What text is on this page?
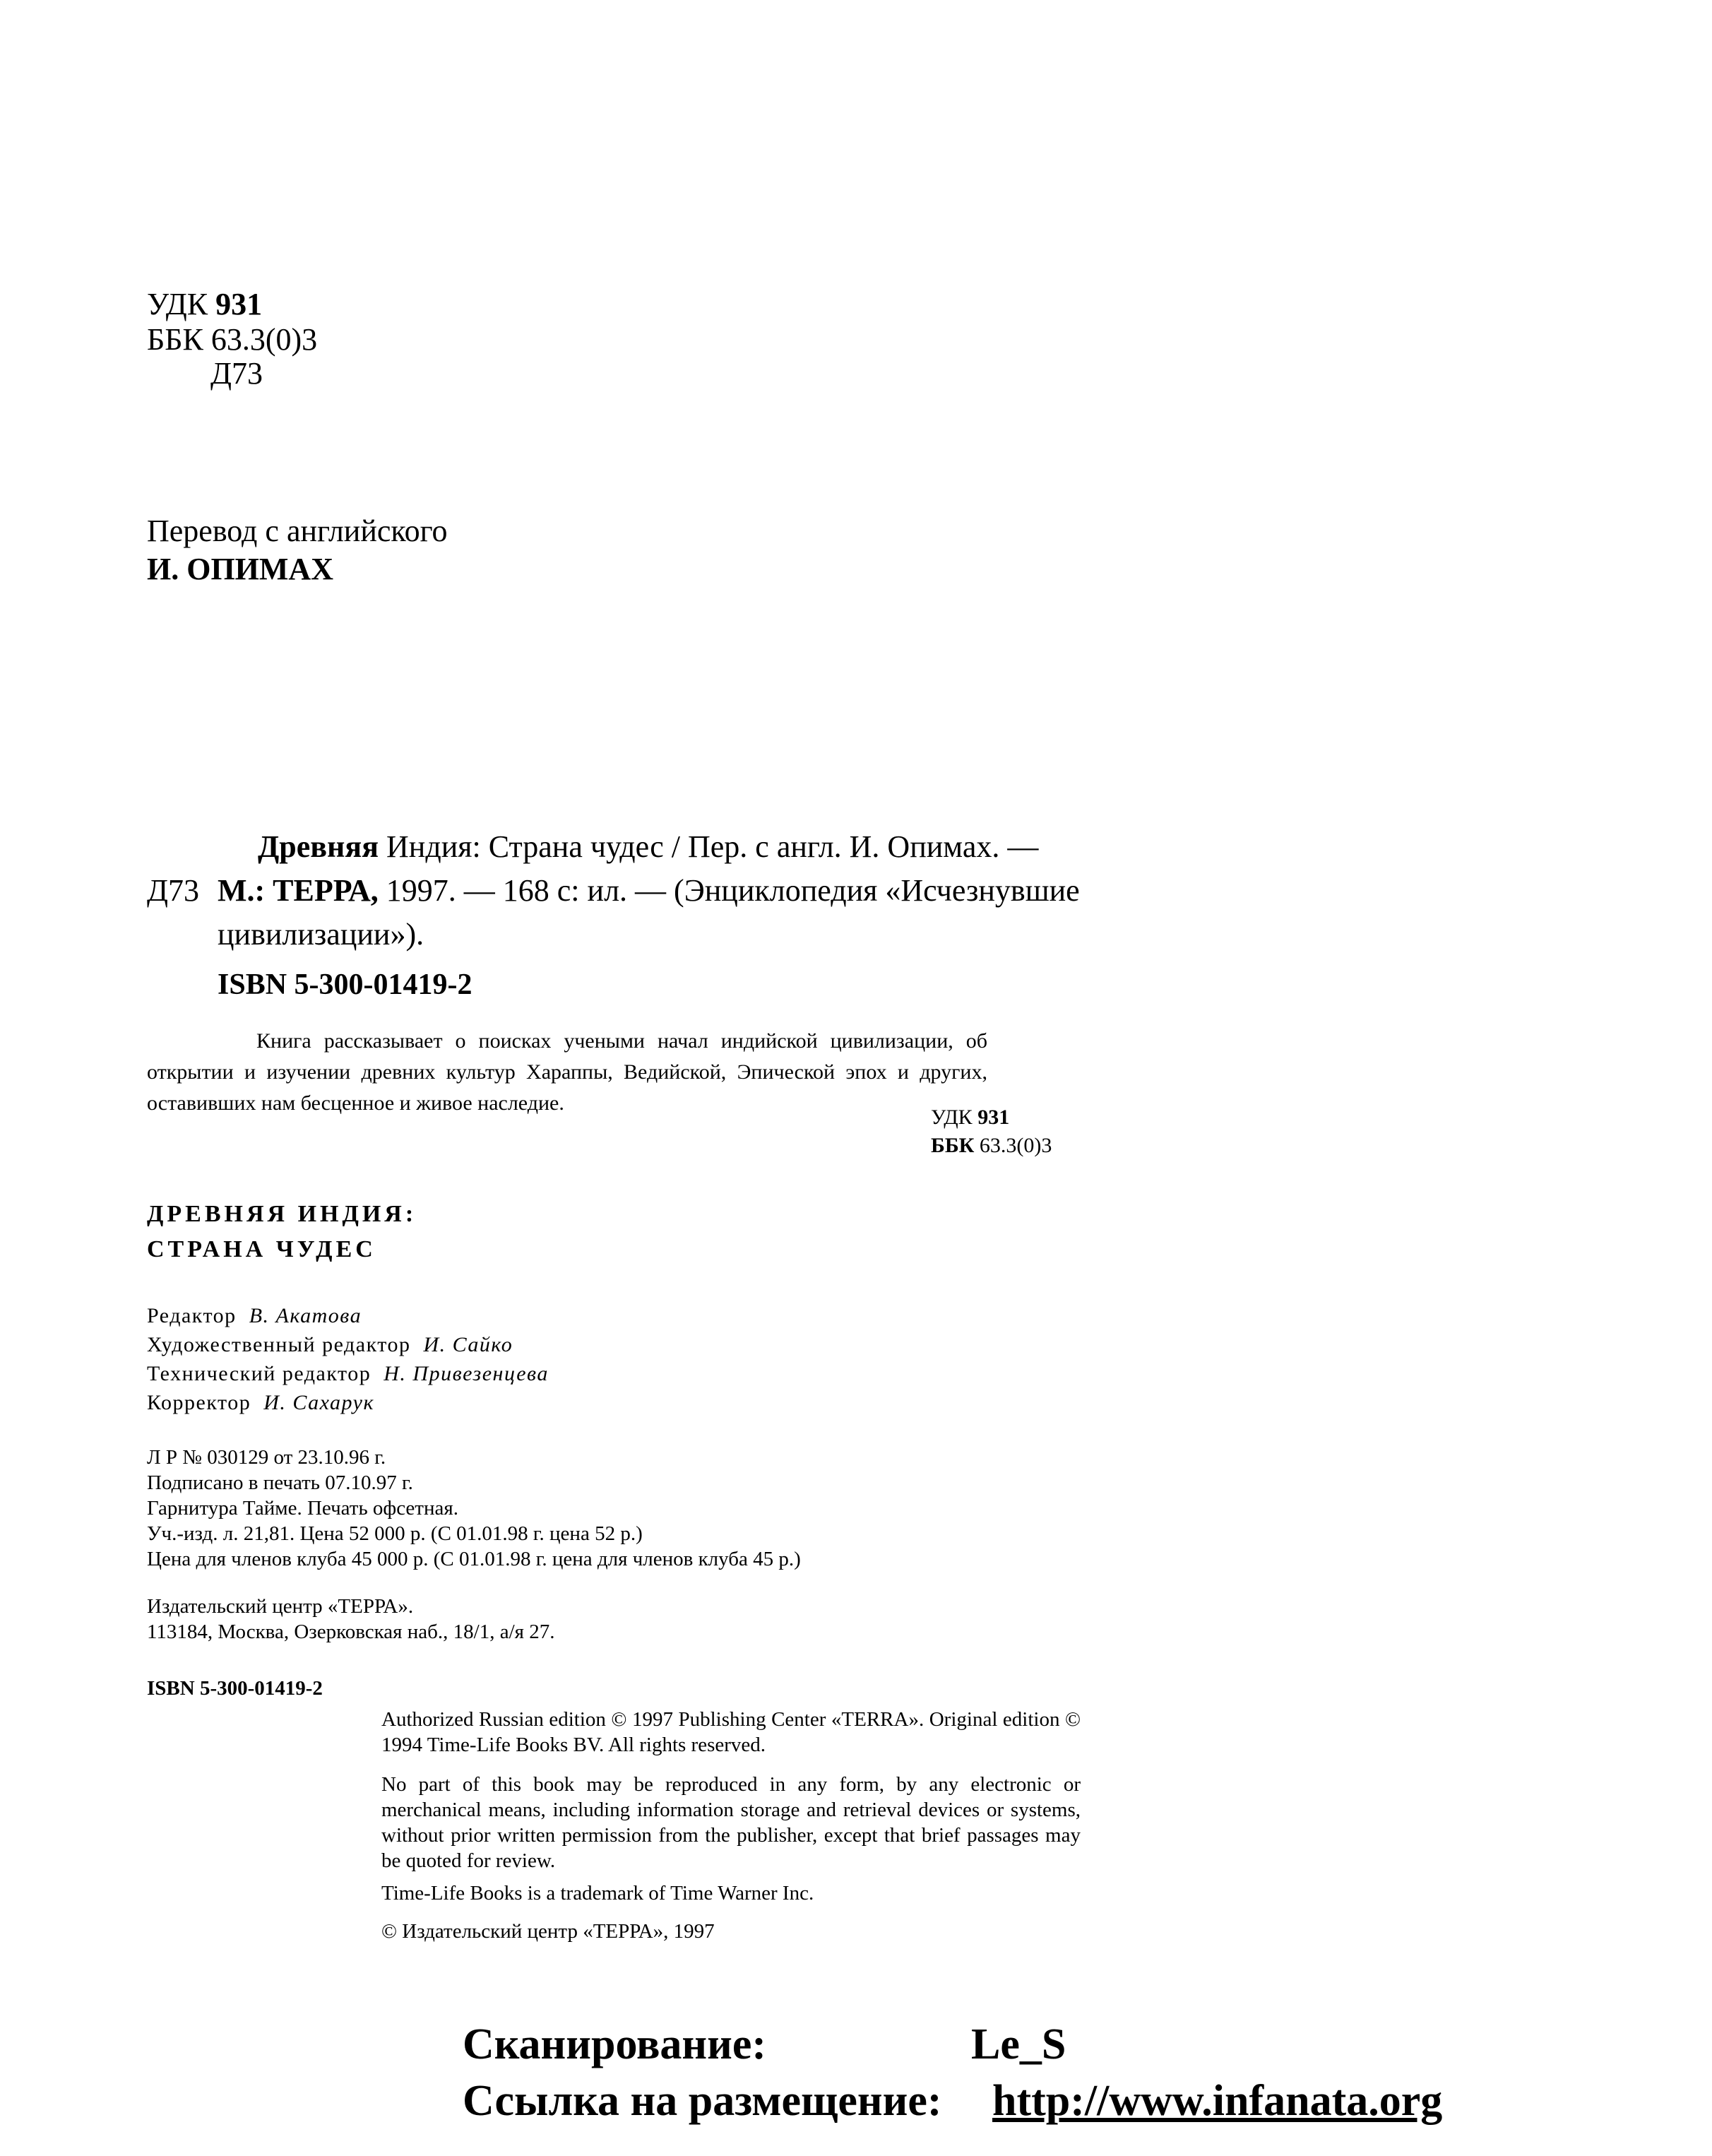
УДК 931
ББК 63.3(0)3
Д73
Перевод с английского
И. ОПИМАХ
Древняя Индия: Страна чудес / Пер. с англ. И. Опимах. —
Д73 М.: ТЕРРА, 1997. — 168 с: ил. — (Энциклопедия «Исчезнувшие
цивилизации»).
ISBN 5-300-01419-2
Книга рассказывает о поисках учеными начал индийской цивилизации, об открытии и изучении древних культур Хараппы, Ведийской, Эпической эпох и других, оставивших нам бесценное и живое наследие.
УДК 931
ББК 63.3(0)3
ДРЕВНЯЯ ИНДИЯ:
СТРАНА ЧУДЕС
Редактор В. Акатова
Художественный редактор И. Сайко
Технический редактор Н. Привезенцева
Корректор И. Сахарук
Л Р № 030129 от 23.10.96 г.
Подписано в печать 07.10.97 г.
Гарнитура Тайме. Печать офсетная.
Уч.-изд. л. 21,81. Цена 52 000 р. (С 01.01.98 г. цена 52 р.)
Цена для членов клуба 45 000 р. (С 01.01.98 г. цена для членов клуба 45 р.)
Издательский центр «ТЕРРА».
113184, Москва, Озерковская наб., 18/1, а/я 27.
ISBN 5-300-01419-2
Authorized Russian edition © 1997 Publishing Center «TERRA». Original edition © 1994 Time-Life Books BV. All rights reserved.
No part of this book may be reproduced in any form, by any electronic or merchanical means, including information storage and retrieval devices or systems, without prior written permission from the publisher, except that brief passages may be quoted for review.
Time-Life Books is a trademark of Time Warner Inc.
© Издательский центр «ТЕРРА», 1997
Сканирование:	Le_S
Ссылка на размещение: http://www.infanata.org
